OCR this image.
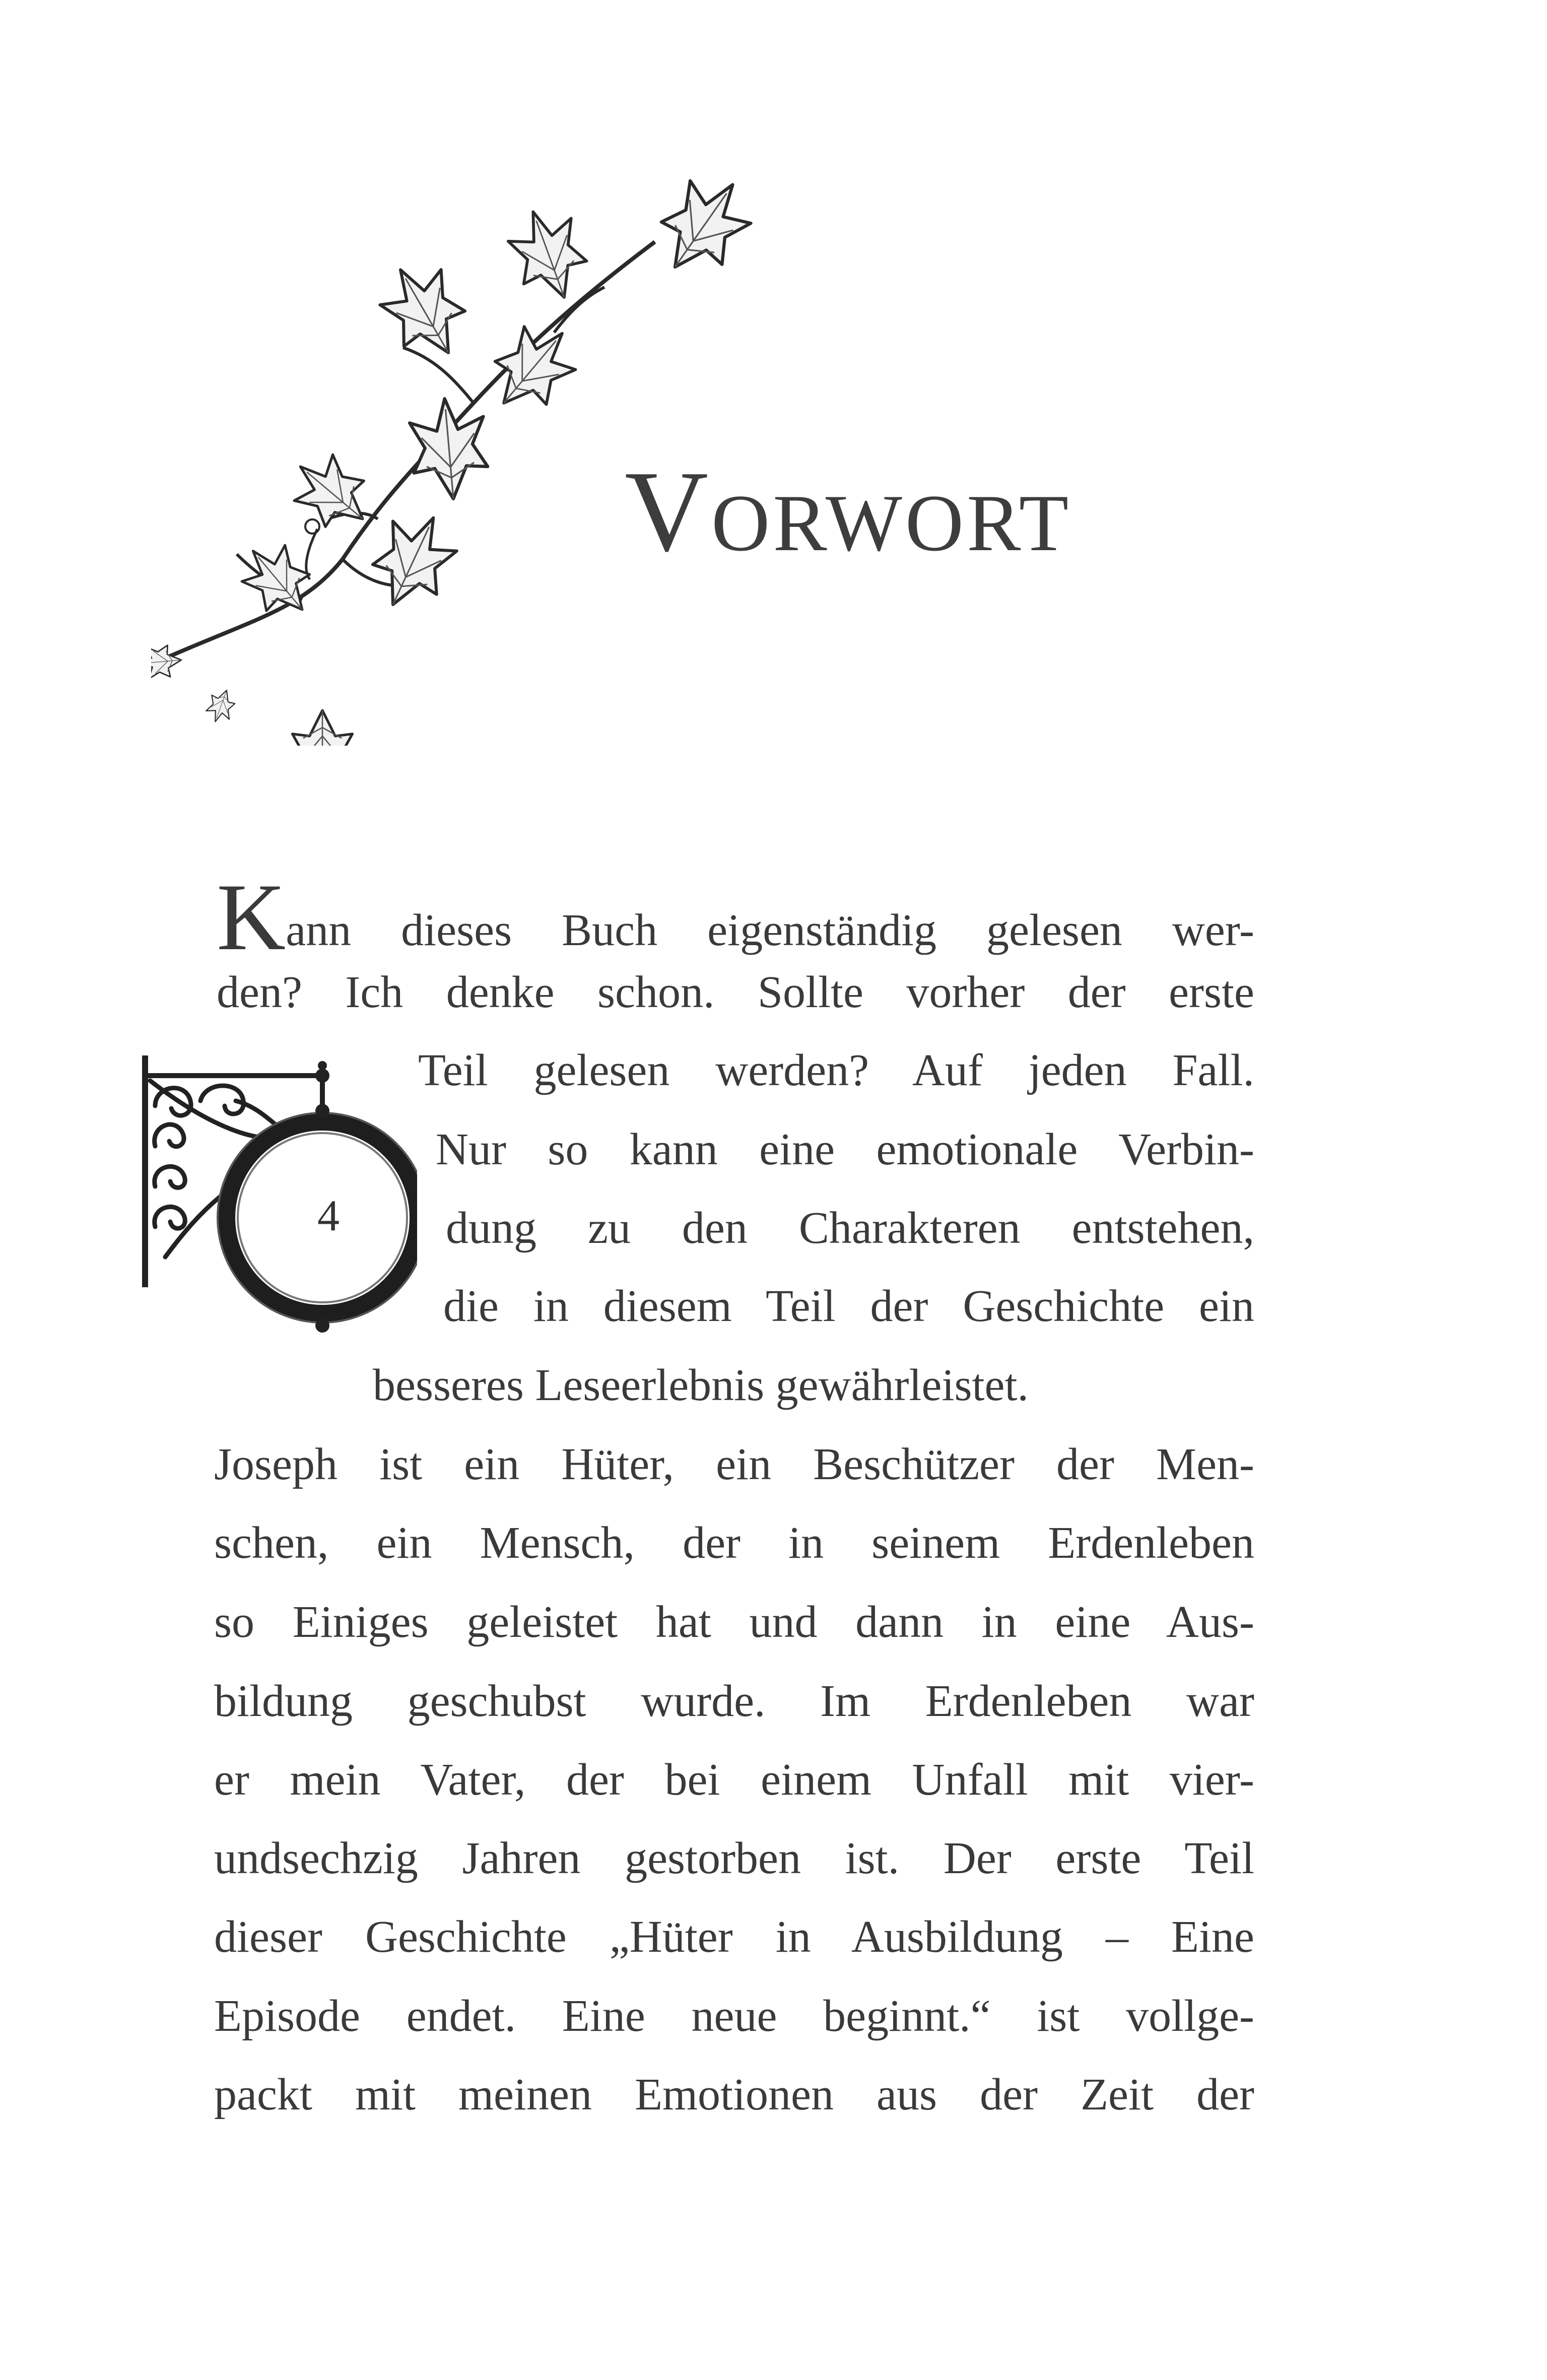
Vorwort
Kann dieses Buch eigenständig gelesen wer-
den? Ich denke schon. Sollte vorher der erste
Teil gelesen werden? Auf jeden Fall.
Nur so kann eine emotionale Verbin-
dung zu den Charakteren entstehen,
die in diesem Teil der Geschichte ein
besseres Leseerlebnis gewährleistet.
Joseph ist ein Hüter, ein Beschützer der Men-
schen, ein Mensch, der in seinem Erdenleben
so Einiges geleistet hat und dann in eine Aus-
bildung geschubst wurde. Im Erdenleben war
er mein Vater, der bei einem Unfall mit vier-
undsechzig Jahren gestorben ist. Der erste Teil
dieser Geschichte „Hüter in Ausbildung – Eine
Episode endet. Eine neue beginnt.“ ist vollge-
packt mit meinen Emotionen aus der Zeit der
4
